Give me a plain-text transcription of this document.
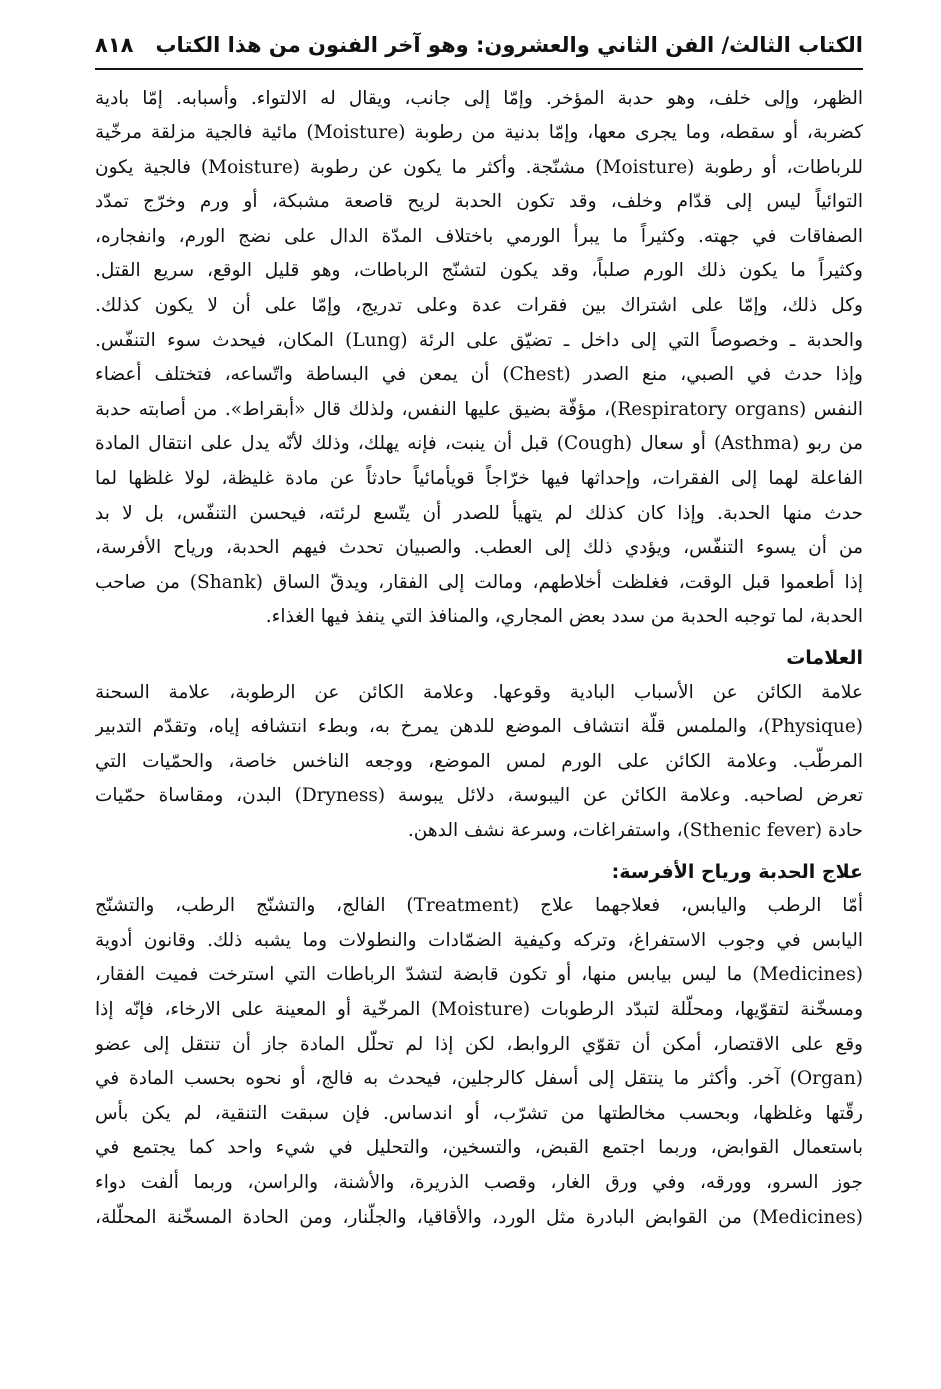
الكتاب الثالث/ الفن الثاني والعشرون: وهو آخر الفنون من هذا الكتاب
٨١٨
الظهر، وإلى خلف، وهو حدبة المؤخر. وإمّا إلى جانب، ويقال له الالتواء. وأسبابه. إمّا بادية
كضربة، أو سقطه، وما يجرى معها، وإمّا بدنية من رطوبة (Moisture) مائية فالجية مزلقة مرخّية
للرباطات، أو رطوبة (Moisture) مشنّجة. وأكثر ما يكون عن رطوبة (Moisture) فالجية يكون
التوائياً ليس إلى قدّام وخلف، وقد تكون الحدبة لريح قاصعة مشبكة، أو ورم وخرّج تمدّد
الصفاقات في جهته. وكثيراً ما يبرأ الورمي باختلاف المدّة الدال على نضج الورم، وانفجاره،
وكثيراً ما يكون ذلك الورم صلباً، وقد يكون لتشنّج الرباطات، وهو قليل الوقع، سريع القتل.
وكل ذلك، وإمّا على اشتراك بين فقرات عدة وعلى تدريج، وإمّا على أن لا يكون كذلك.
والحدبة ـ وخصوصاً التي إلى داخل ـ تضيّق على الرئة (Lung) المكان، فيحدث سوء التنفّس.
وإذا حدث في الصبي، منع الصدر (Chest) أن يمعن في البساطة واتّساعه، فتختلف أعضاء
النفس (Respiratory organs)، مؤفّة بضيق عليها النفس، ولذلك قال «أبقراط». من أصابته حدبة
من ربو (Asthma) أو سعال (Cough) قبل أن ينبت، فإنه يهلك، وذلك لأنّه يدل على انتقال المادة
الفاعلة لهما إلى الفقرات، وإحداثها فيها خرّاجاً قويأمائياً حادثاً عن مادة غليظة، لولا غلظها لما
حدث منها الحدبة. وإذا كان كذلك لم يتهيأ للصدر أن يتّسع لرئته، فيحسن التنفّس، بل لا بد
من أن يسوء التنفّس، ويؤدي ذلك إلى العطب. والصبيان تحدث فيهم الحدبة، ورياح الأفرسة،
إذا أطعموا قبل الوقت، فغلظت أخلاطهم، ومالت إلى الفقار، ويدقّ الساق (Shank) من صاحب
الحدبة، لما توجبه الحدبة من سدد بعض المجاري، والمنافذ التي ينفذ فيها الغذاء.
العلامات
علامة الكائن عن الأسباب البادية وقوعها. وعلامة الكائن عن الرطوبة، علامة السحنة
(Physique)، والملمس قلّة انتشاف الموضع للدهن يمرخ به، وبطء انتشافه إياه، وتقدّم التدبير
المرطّب. وعلامة الكائن على الورم لمس الموضع، ووجعه الناخس خاصة، والحمّيات التي
تعرض لصاحبه. وعلامة الكائن عن اليبوسة، دلائل يبوسة (Dryness) البدن، ومقاساة حمّيات
حادة (Sthenic fever)، واستفراغات، وسرعة نشف الدهن.
علاج الحدبة ورياح الأفرسة:
أمّا الرطب واليابس، فعلاجهما علاج (Treatment) الفالج، والتشنّج الرطب، والتشنّج
اليابس في وجوب الاستفراغ، وتركه وكيفية الضمّادات والنطولات وما يشبه ذلك. وقانون أدوية
(Medicines) ما ليس بيابس منها، أو تكون قابضة لتشدّ الرباطات التي استرخت فميت الفقار،
ومسخّنة لتقوّيها، ومحلّلة لتبدّد الرطوبات (Moisture) المرخّية أو المعينة على الارخاء، فإنّه إذا
وقع على الاقتصار، أمكن أن تقوّي الروابط، لكن إذا لم تحلّل المادة جاز أن تنتقل إلى عضو
(Organ) آخر. وأكثر ما ينتقل إلى أسفل كالرجلين، فيحدث به فالج، أو نحوه بحسب المادة في
رقّتها وغلظها، وبحسب مخالطتها من تشرّب، أو اندساس. فإن سبقت التنقية، لم يكن بأس
باستعمال القوابض، وربما اجتمع القبض، والتسخين، والتحليل في شيء واحد كما يجتمع في
جوز السرو، وورقه، وفي ورق الغار، وقصب الذريرة، والأشنة، والراسن، وربما ألفت دواء
(Medicines) من القوابض البادرة مثل الورد، والأقاقيا، والجلّنار، ومن الحادة المسخّنة المحلّلة،
